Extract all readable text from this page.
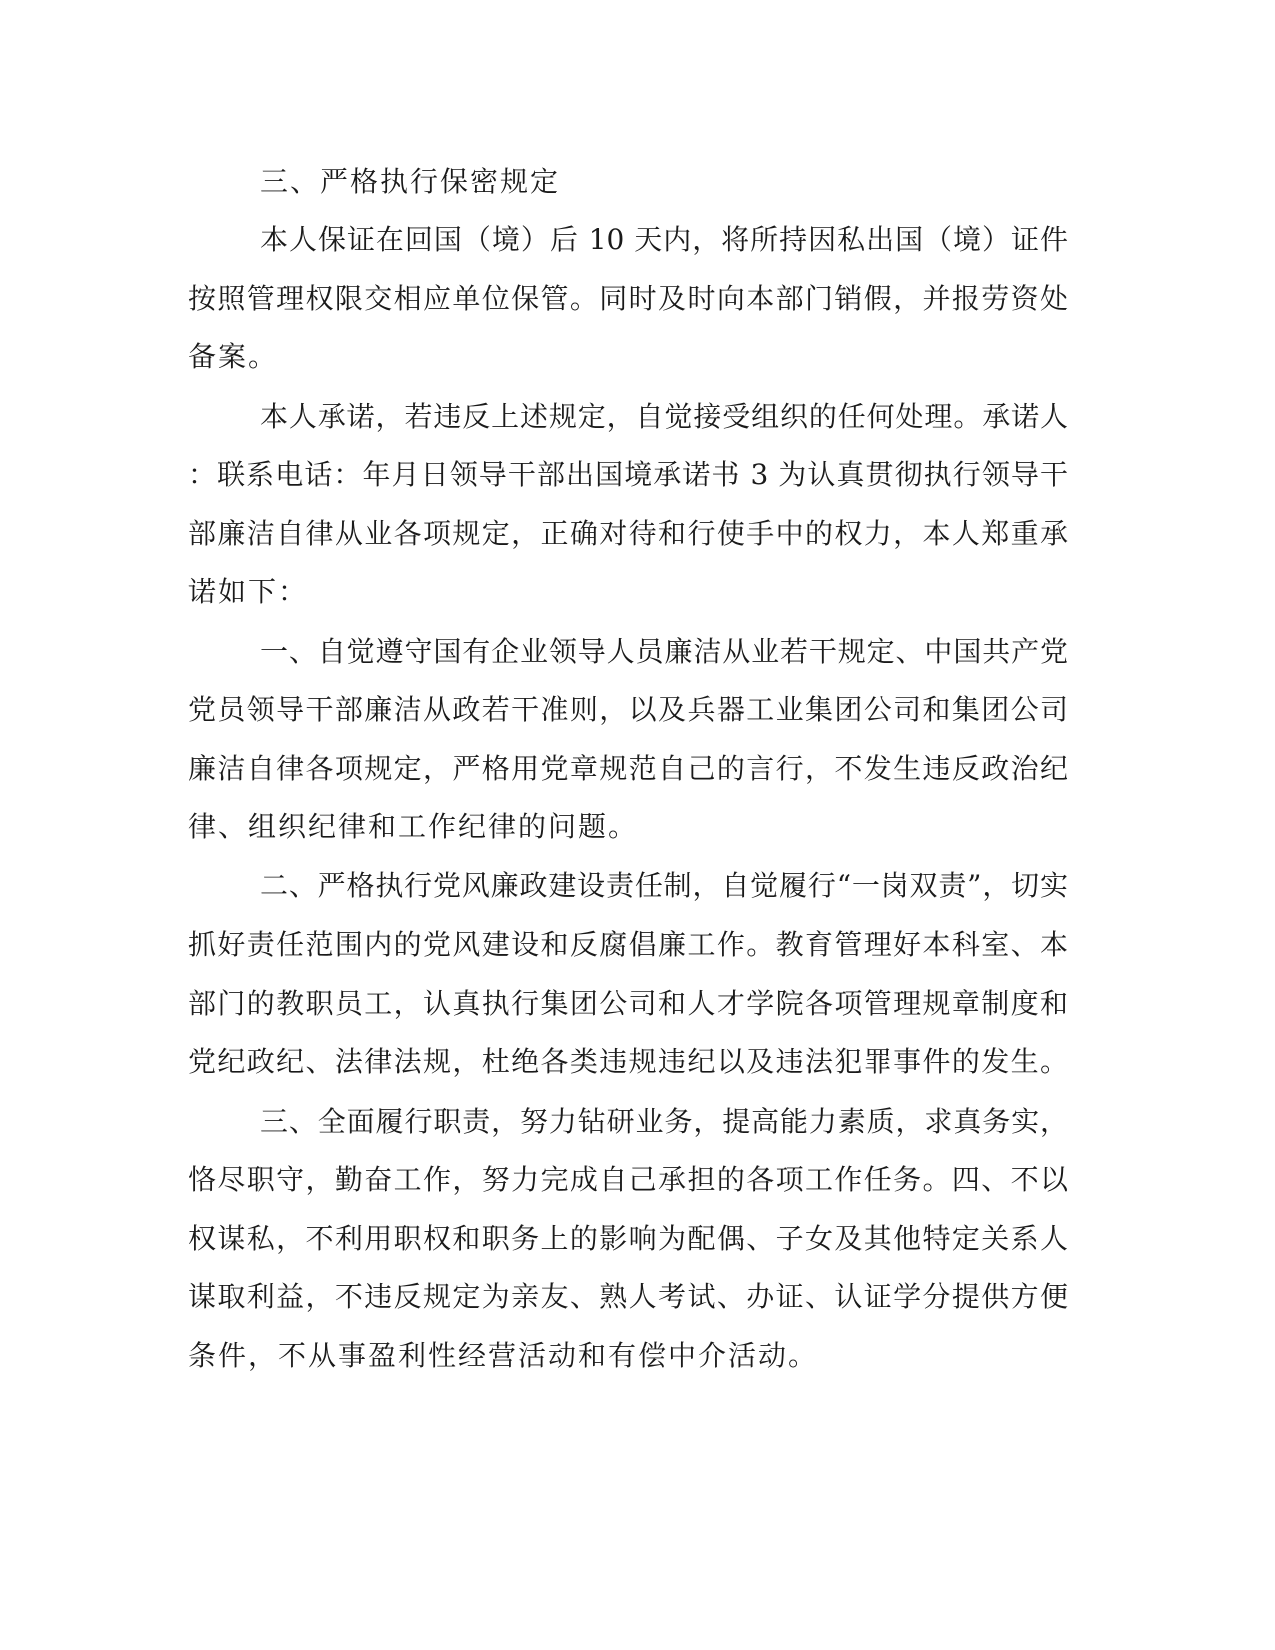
三、严格执行保密规定

本人保证在回国（境）后 10 天内，将所持因私出国（境）证件

按照管理权限交相应单位保管。同时及时向本部门销假，并报劳资处

备案。

本人承诺，若违反上述规定，自觉接受组织的任何处理。承诺人

：联系电话：年月日领导干部出国境承诺书 3 为认真贯彻执行领导干

部廉洁自律从业各项规定，正确对待和行使手中的权力，本人郑重承

诺如下：

一、自觉遵守国有企业领导人员廉洁从业若干规定、中国共产党

党员领导干部廉洁从政若干准则，以及兵器工业集团公司和集团公司

廉洁自律各项规定，严格用党章规范自己的言行，不发生违反政治纪

律、组织纪律和工作纪律的问题。

二、严格执行党风廉政建设责任制，自觉履行“一岗双责”，切实

抓好责任范围内的党风建设和反腐倡廉工作。教育管理好本科室、本

部门的教职员工，认真执行集团公司和人才学院各项管理规章制度和

党纪政纪、法律法规，杜绝各类违规违纪以及违法犯罪事件的发生。

三、全面履行职责，努力钻研业务，提高能力素质，求真务实，

恪尽职守，勤奋工作，努力完成自己承担的各项工作任务。四、不以

权谋私，不利用职权和职务上的影响为配偶、子女及其他特定关系人

谋取利益，不违反规定为亲友、熟人考试、办证、认证学分提供方便

条件，不从事盈利性经营活动和有偿中介活动。
